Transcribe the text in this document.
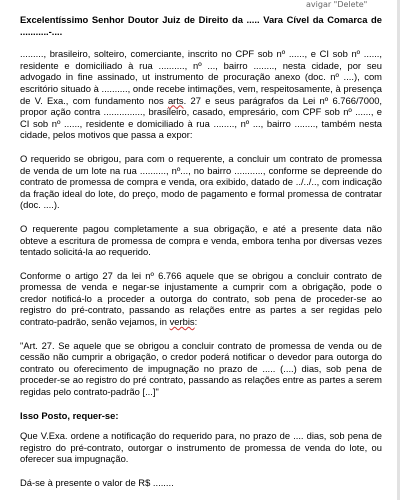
avigar "Delete"

Excelentíssimo Senhor Doutor Juiz de Direito da ..... Vara Cível da Comarca de ...........-....

........., brasileiro, solteiro, comerciante, inscrito no CPF sob nº ......, e CI sob nº ......, residente e domiciliado à rua .........., nº ..., bairro ........, nesta cidade, por seu advogado in fine assinado, ut instrumento de procuração anexo (doc. nº ....), com escritório situado à .........., onde recebe intimações, vem, respeitosamente, à presença de V. Exa., com fundamento nos arts. 27 e seus parágrafos da Lei nº 6.766/7000, propor ação contra ..............., brasileiro, casado, empresário, com CPF sob nº ......, e CI sob nº ......, residente e domiciliado à rua ........, nº ..., bairro ........, também nesta cidade, pelos motivos que passa a expor:

O requerido se obrigou, para com o requerente, a concluir um contrato de promessa de venda de um lote na rua .........., nº..., no bairro ..........., conforme se depreende do contrato de promessa de compra e venda, ora exibido, datado de ../../.., com indicação da fração ideal do lote, do preço, modo de pagamento e formal promessa de contratar (doc. ....).

O requerente pagou completamente a sua obrigação, e até a presente data não obteve a escritura de promessa de compra e venda, embora tenha por diversas vezes tentado solicitá-la ao requerido.

Conforme o artigo 27 da lei nº 6.766 aquele que se obrigou a concluir contrato de promessa de venda e negar-se injustamente a cumprir com a obrigação, pode o credor notificá-lo a proceder a outorga do contrato, sob pena de proceder-se ao registro do pré-contrato, passando as relações entre as partes a ser regidas pelo contrato-padrão, senão vejamos, in verbis:

"Art. 27. Se aquele que se obrigou a concluir contrato de promessa de venda ou de cessão não cumprir a obrigação, o credor poderá notificar o devedor para outorga do contrato ou oferecimento de impugnação no prazo de ..... (....) dias, sob pena de proceder-se ao registro do pré contrato, passando as relações entre as partes a serem regidas pelo contrato-padrão [...]"

Isso Posto, requer-se:

Que V.Exa. ordene a notificação do requerido para, no prazo de .... dias, sob pena de registro do pré-contrato, outorgar o instrumento de promessa de venda do lote, ou oferecer sua impugnação.

Dá-se à presente o valor de R$ ........
